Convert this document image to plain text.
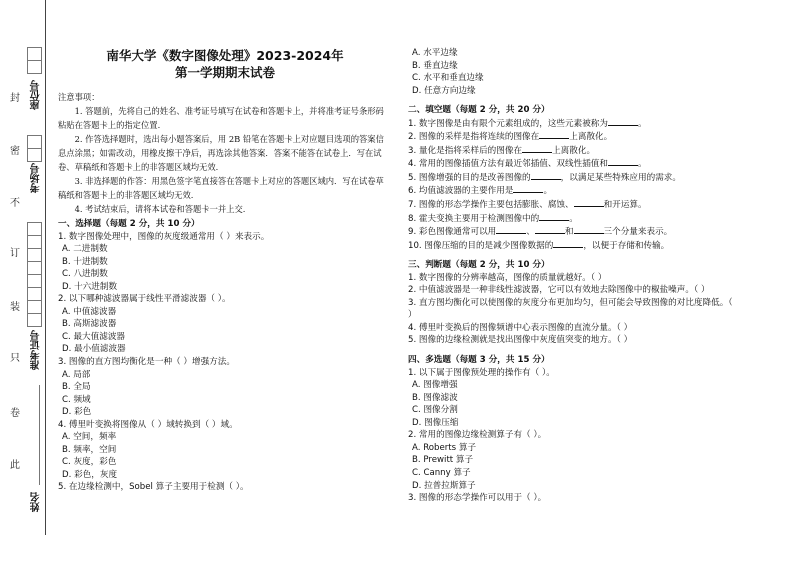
封
密
不
订
装
只
卷
此
座位号
考场号
准考证号
姓名
南华大学《数字图像处理》2023-2024年
第一学期期末试卷

注意事项：

1. 答题前，先将自己的姓名、准考证号填写在试卷和答题卡上，并将准考证号条形码粘贴在答题卡上的指定位置.

2. 作答选择题时，选出每小题答案后，用 2B 铅笔在答题卡上对应题目选项的答案信息点涂黑；如需改动，用橡皮擦干净后，再选涂其他答案．答案不能答在试卷上．写在试卷、草稿纸和答题卡上的非答题区域均无效.

3. 非选择题的作答：用黑色签字笔直接答在答题卡上对应的答题区域内．写在试卷草稿纸和答题卡上的非答题区域均无效.

4. 考试结束后，请将本试卷和答题卡一并上交.

一、选择题（每题 2 分，共 10 分）
1. 数字图像处理中，图像的灰度级通常用（ ）来表示。
A. 二进制数
B. 十进制数
C. 八进制数
D. 十六进制数
2. 以下哪种滤波器属于线性平滑滤波器（ ）。
A. 中值滤波器
B. 高斯滤波器
C. 最大值滤波器
D. 最小值滤波器
3. 图像的直方图均衡化是一种（ ）增强方法。
A. 局部
B. 全局
C. 频域
D. 彩色
4. 傅里叶变换将图像从（ ）域转换到（ ）域。
A. 空间，频率
B. 频率，空间
C. 灰度，彩色
D. 彩色，灰度
5. 在边缘检测中，Sobel 算子主要用于检测（ ）。
A. 水平边缘
B. 垂直边缘
C. 水平和垂直边缘
D. 任意方向边缘
二、填空题（每题 2 分，共 20 分）
1. 数字图像是由有限个元素组成的，这些元素被称为	。
2. 图像的采样是指将连续的图像在	上离散化。
3. 量化是指将采样后的图像在	上离散化。
4. 常用的图像插值方法有最近邻插值、双线性插值和	。
5. 图像增强的目的是改善图像的	，以满足某些特殊应用的需求。
6. 均值滤波器的主要作用是	。
7. 图像的形态学操作主要包括膨胀、腐蚀、	和开运算。
8. 霍夫变换主要用于检测图像中的	。
9. 彩色图像通常可以用	、	和	三个分量来表示。
10. 图像压缩的目的是减少图像数据的	，以便于存储和传输。
三、判断题（每题 2 分，共 10 分）
1. 数字图像的分辨率越高，图像的质量就越好。（ ）
2. 中值滤波器是一种非线性滤波器，它可以有效地去除图像中的椒盐噪声。（ ）
3. 直方图均衡化可以使图像的灰度分布更加均匀，但可能会导致图像的对比度降低。（ ）
4. 傅里叶变换后的图像频谱中心表示图像的直流分量。（ ）
5. 图像的边缘检测就是找出图像中灰度值突变的地方。（ ）
四、多选题（每题 3 分，共 15 分）
1. 以下属于图像预处理的操作有（ ）。
A. 图像增强
B. 图像滤波
C. 图像分割
D. 图像压缩
2. 常用的图像边缘检测算子有（ ）。
A. Roberts 算子
B. Prewitt 算子
C. Canny 算子
D. 拉普拉斯算子
3. 图像的形态学操作可以用于（ ）。
